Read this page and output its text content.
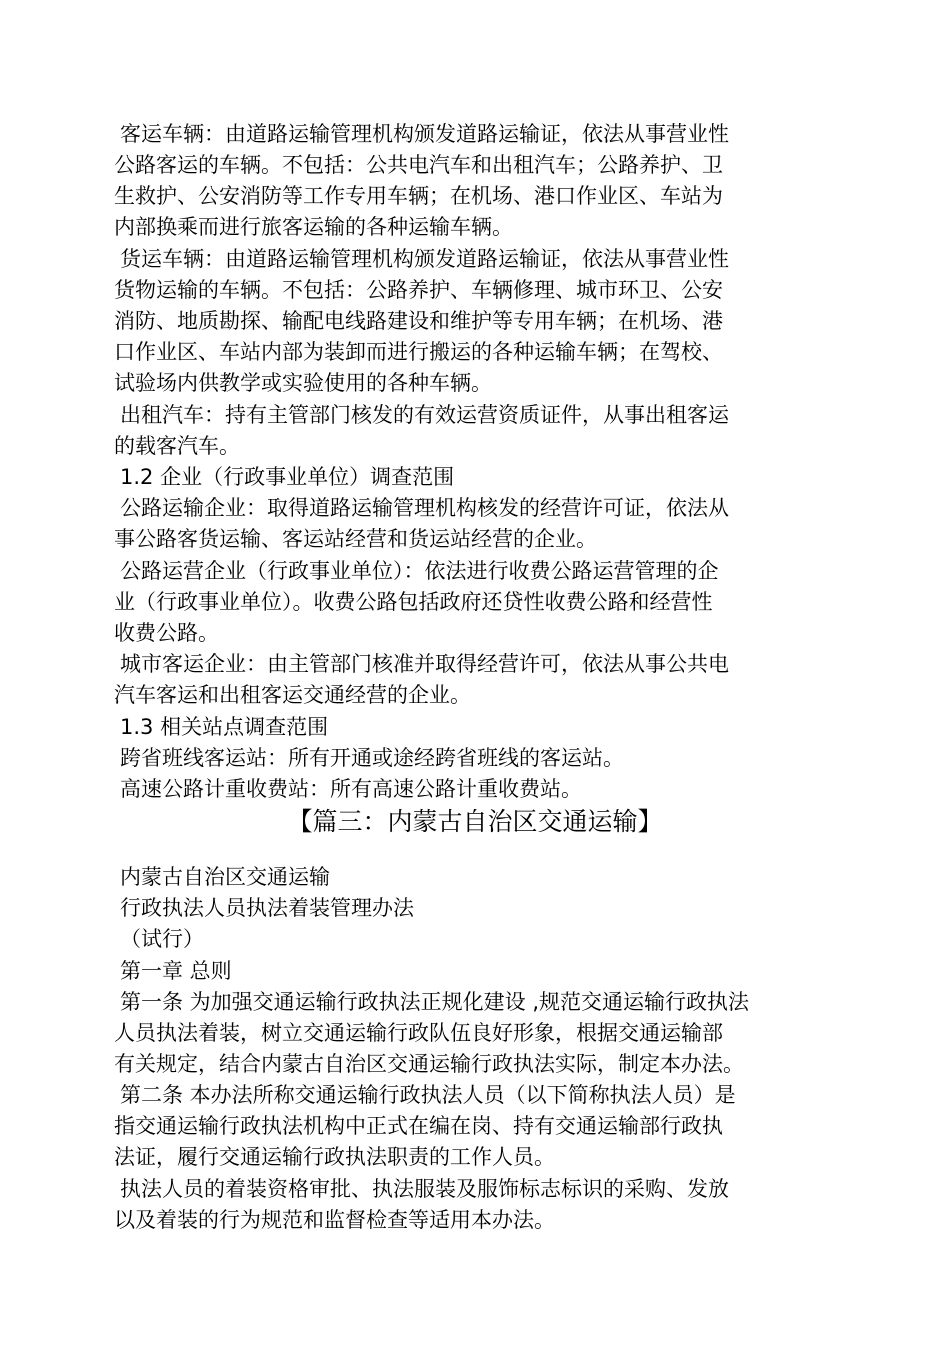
客运车辆：由道路运输管理机构颁发道路运输证，依法从事营业性
公路客运的车辆。不包括：公共电汽车和出租汽车；公路养护、卫
生救护、公安消防等工作专用车辆；在机场、港口作业区、车站为
内部换乘而进行旅客运输的各种运输车辆。
货运车辆：由道路运输管理机构颁发道路运输证，依法从事营业性
货物运输的车辆。不包括：公路养护、车辆修理、城市环卫、公安
消防、地质勘探、输配电线路建设和维护等专用车辆；在机场、港
口作业区、车站内部为装卸而进行搬运的各种运输车辆；在驾校、
试验场内供教学或实验使用的各种车辆。
出租汽车：持有主管部门核发的有效运营资质证件，从事出租客运
的载客汽车。
1.2 企业（行政事业单位）调查范围
公路运输企业：取得道路运输管理机构核发的经营许可证，依法从
事公路客货运输、客运站经营和货运站经营的企业。
公路运营企业（行政事业单位）：依法进行收费公路运营管理的企
业（行政事业单位）。收费公路包括政府还贷性收费公路和经营性
收费公路。
城市客运企业：由主管部门核准并取得经营许可，依法从事公共电
汽车客运和出租客运交通经营的企业。
1.3 相关站点调查范围
跨省班线客运站：所有开通或途经跨省班线的客运站。
高速公路计重收费站：所有高速公路计重收费站。
【篇三：内蒙古自治区交通运输】
内蒙古自治区交通运输
行政执法人员执法着装管理办法
（试行）
第一章 总则
第一条 为加强交通运输行政执法正规化建设 ,规范交通运输行政执法
人员执法着装，树立交通运输行政队伍良好形象，根据交通运输部
有关规定，结合内蒙古自治区交通运输行政执法实际，制定本办法。
第二条 本办法所称交通运输行政执法人员（以下简称执法人员）是
指交通运输行政执法机构中正式在编在岗、持有交通运输部行政执
法证，履行交通运输行政执法职责的工作人员。
执法人员的着装资格审批、执法服装及服饰标志标识的采购、发放
以及着装的行为规范和监督检查等适用本办法。
